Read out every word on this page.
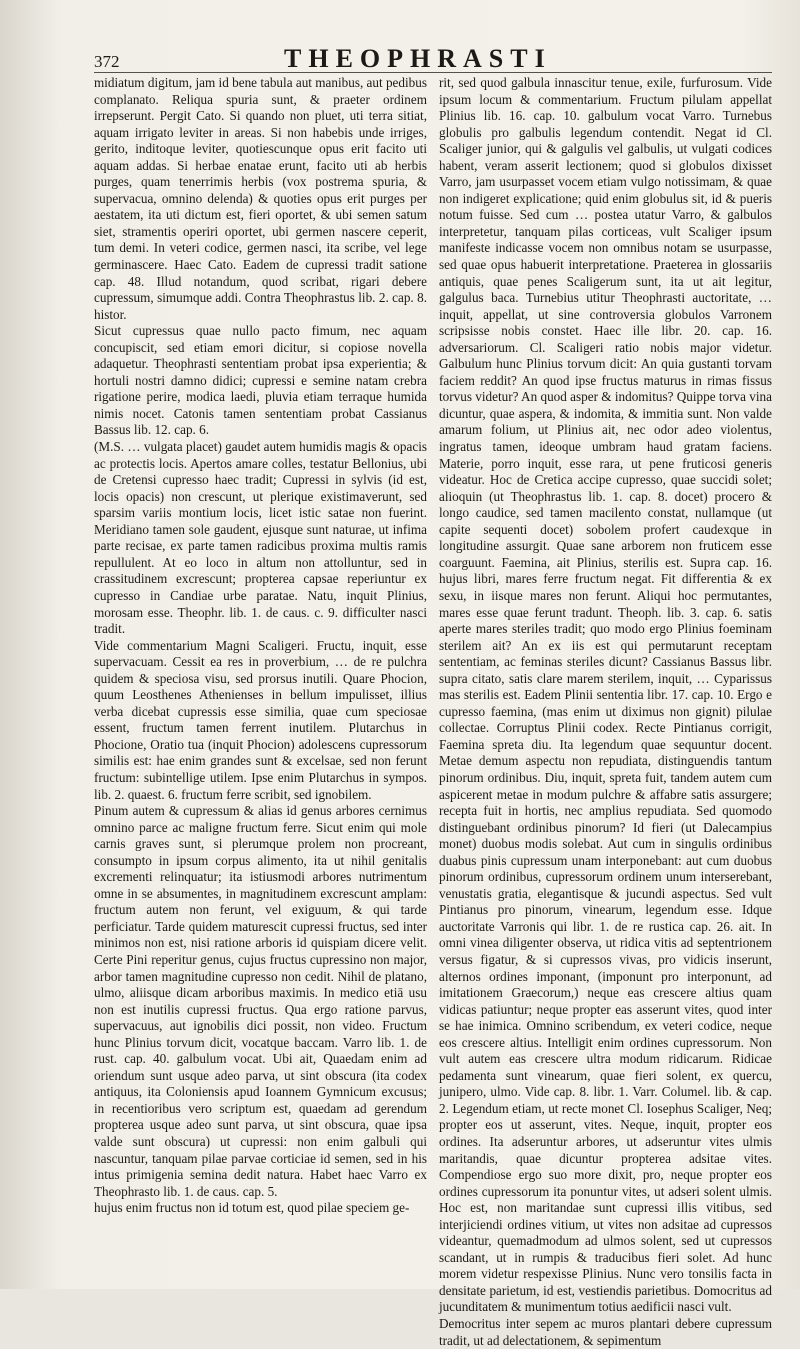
372	THEOPHRASTI

midiatum digitum, jam id bene tabula aut manibus, aut pedibus complanato. Reliqua spuria sunt, & praeter ordinem irrepserunt. Pergit Cato. Si quando non pluet, uti terra sitiat, aquam irrigato leviter in areas. Si non habebis unde irriges, gerito, inditoque leviter, quotiescunque opus erit facito uti aquam addas. Si herbae enatae erunt, facito uti ab herbis purges, quam tenerrimis herbis (vox postrema spuria, & supervacua, omnino delenda) & quoties opus erit purges per aestatem, ita uti dictum est, fieri oportet, & ubi semen satum siet, stramentis operiri oportet, ubi germen nascere ceperit, tum demi. In veteri codice, germen nasci, ita scribe, vel lege germinascere. Haec Cato. Eadem de cupressi tradit satione cap. 48. Illud notandum, quod scribat, rigari debere cupressum, simumque addi. Contra Theophrastus lib. 2. cap. 8. histor.

Sicut cupressus quae nullo pacto fimum, nec aquam concupiscit, sed etiam emori dicitur, si copiose novella adaquetur. Theophrasti sententiam probat ipsa experientia; & hortuli nostri damno didici; cupressi e semine natam crebra rigatione perire, modica laedi, pluvia etiam terraque humida nimis nocet. Catonis tamen sententiam probat Cassianus Bassus lib. 12. cap. 6.

(M.S. … vulgata placet) gaudet autem humidis magis & opacis ac protectis locis. Apertos amare colles, testatur Bellonius, ubi de Cretensi cupresso haec tradit; Cupressi in sylvis (id est, locis opacis) non crescunt, ut plerique existimaverunt, sed sparsim variis montium locis, licet istic satae non fuerint. Meridiano tamen sole gaudent, ejusque sunt naturae, ut infima parte recisae, ex parte tamen radicibus proxima multis ramis repullulent. At eo loco in altum non attolluntur, sed in crassitudinem excrescunt; propterea capsae reperiuntur ex cupresso in Candiae urbe paratae. Natu, inquit Plinius, morosam esse. Theophr. lib. 1. de caus. c. 9. difficulter nasci tradit.

Vide commentarium Magni Scaligeri. Fructu, inquit, esse supervacuam. Cessit ea res in proverbium, … de re pulchra quidem & speciosa visu, sed prorsus inutili. Quare Phocion, quum Leosthenes Athenienses in bellum impulisset, illius verba dicebat cupressis esse similia, quae cum speciosae essent, fructum tamen ferrent inutilem. Plutarchus in Phocione, Oratio tua (inquit Phocion) adolescens cupressorum similis est: hae enim grandes sunt & excelsae, sed non ferunt fructum: subintellige utilem. Ipse enim Plutarchus in sympos. lib. 2. quaest. 6. fructum ferre scribit, sed ignobilem.

Pinum autem & cupressum & alias id genus arbores cernimus omnino parce ac maligne fructum ferre. Sicut enim qui mole carnis graves sunt, si plerumque prolem non procreant, consumpto in ipsum corpus alimento, ita ut nihil genitalis excrementi relinquatur; ita istiusmodi arbores nutrimentum omne in se absumentes, in magnitudinem excrescunt amplam: fructum autem non ferunt, vel exiguum, & qui tarde perficiatur. Tarde quidem maturescit cupressi fructus, sed inter minimos non est, nisi ratione arboris id quispiam dicere velit. Certe Pini reperitur genus, cujus fructus cupressino non major, arbor tamen magnitudine cupresso non cedit. Nihil de platano, ulmo, aliisque dicam arboribus maximis. In medico etiā usu non est inutilis cupressi fructus. Qua ergo ratione parvus, supervacuus, aut ignobilis dici possit, non video. Fructum hunc Plinius torvum dicit, vocatque baccam. Varro lib. 1. de rust. cap. 40. galbulum vocat. Ubi ait, Quaedam enim ad oriendum sunt usque adeo parva, ut sint obscura (ita codex antiquus, ita Coloniensis apud Ioannem Gymnicum excusus; in recentioribus vero scriptum est, quaedam ad gerendum propterea usque adeo sunt parva, ut sint obscura, quae ipsa valde sunt obscura) ut cupressi: non enim galbuli qui nascuntur, tanquam pilae parvae corticiae id semen, sed in his intus primigenia semina dedit natura. Habet haec Varro ex Theophrasto lib. 1. de caus. cap. 5.

hujus enim fructus non id totum est, quod pilae speciem ge-

rit, sed quod galbula innascitur tenue, exile, furfurosum. Vide ipsum locum & commentarium. Fructum pilulam appellat Plinius lib. 16. cap. 10. galbulum vocat Varro. Turnebus globulis pro galbulis legendum contendit. Negat id Cl. Scaliger junior, qui & galgulis vel galbulis, ut vulgati codices habent, veram asserit lectionem; quod si globulos dixisset Varro, jam usurpasset vocem etiam vulgo notissimam, & quae non indigeret explicatione; quid enim globulus sit, id & pueris notum fuisse. Sed cum … postea utatur Varro, & galbulos interpretetur, tanquam pilas corticeas, vult Scaliger ipsum manifeste indicasse vocem non omnibus notam se usurpasse, sed quae opus habuerit interpretatione. Praeterea in glossariis antiquis, quae penes Scaligerum sunt, ita ut ait legitur, galgulus baca. Turnebius utitur Theophrasti auctoritate, … inquit, appellat, ut sine controversia globulos Varronem scripsisse nobis constet. Haec ille libr. 20. cap. 16. adversariorum. Cl. Scaligeri ratio nobis major videtur. Galbulum hunc Plinius torvum dicit: An quia gustanti torvam faciem reddit? An quod ipse fructus maturus in rimas fissus torvus videtur? An quod asper & indomitus? Quippe torva vina dicuntur, quae aspera, & indomita, & immitia sunt. Non valde amarum folium, ut Plinius ait, nec odor adeo violentus, ingratus tamen, ideoque umbram haud gratam faciens. Materie, porro inquit, esse rara, ut pene fruticosi generis videatur. Hoc de Cretica accipe cupresso, quae succidi solet; alioquin (ut Theophrastus lib. 1. cap. 8. docet) procero & longo caudice, sed tamen macilento constat, nullamque (ut capite sequenti docet) sobolem profert caudexque in longitudine assurgit. Quae sane arborem non fruticem esse coarguunt. Faemina, ait Plinius, sterilis est. Supra cap. 16. hujus libri, mares ferre fructum negat. Fit differentia & ex sexu, in iisque mares non ferunt. Aliqui hoc permutantes, mares esse quae ferunt tradunt. Theoph. lib. 3. cap. 6. satis aperte mares steriles tradit; quo modo ergo Plinius foeminam sterilem ait? An ex iis est qui permutarunt receptam sententiam, ac feminas steriles dicunt? Cassianus Bassus libr. supra citato, satis clare marem sterilem, inquit, … Cyparissus mas sterilis est. Eadem Plinii sententia libr. 17. cap. 10. Ergo e cupresso faemina, (mas enim ut diximus non gignit) pilulae collectae. Corruptus Plinii codex. Recte Pintianus corrigit, Faemina spreta diu. Ita legendum quae sequuntur docent. Metae demum aspectu non repudiata, distinguendis tantum pinorum ordinibus. Diu, inquit, spreta fuit, tandem autem cum aspicerent metae in modum pulchre & affabre satis assurgere; recepta fuit in hortis, nec amplius repudiata. Sed quomodo distinguebant ordinibus pinorum? Id fieri (ut Dalecampius monet) duobus modis solebat. Aut cum in singulis ordinibus duabus pinis cupressum unam interponebant: aut cum duobus pinorum ordinibus, cupressorum ordinem unum interserebant, venustatis gratia, elegantisque & jucundi aspectus. Sed vult Pintianus pro pinorum, vinearum, legendum esse. Idque auctoritate Varronis qui libr. 1. de re rustica cap. 26. ait. In omni vinea diligenter observa, ut ridica vitis ad septentrionem versus figatur, & si cupressos vivas, pro vidicis inserunt, alternos ordines imponant, (imponunt pro interponunt, ad imitationem Graecorum,) neque eas crescere altius quam vidicas patiuntur; neque propter eas asserunt vites, quod inter se hae inimica. Omnino scribendum, ex veteri codice, neque eos crescere altius. Intelligit enim ordines cupressorum. Non vult autem eas crescere ultra modum ridicarum. Ridicae pedamenta sunt vinearum, quae fieri solent, ex quercu, junipero, ulmo. Vide cap. 8. libr. 1. Varr. Columel. lib. & cap. 2. Legendum etiam, ut recte monet Cl. Iosephus Scaliger, Neq; propter eos ut asserunt, vites. Neque, inquit, propter eos ordines. Ita adseruntur arbores, ut adseruntur vites ulmis maritandis, quae dicuntur propterea adsitae vites. Compendiose ergo suo more dixit, pro, neque propter eos ordines cupressorum ita ponuntur vites, ut adseri solent ulmis. Hoc est, non maritandae sunt cupressi illis vitibus, sed interjiciendi ordines vitium, ut vites non adsitae ad cupressos videantur, quemadmodum ad ulmos solent, sed ut cupressos scandant, ut in rumpis & traducibus fieri solet. Ad hunc morem videtur respexisse Plinius. Nunc vero tonsilis facta in densitate parietum, id est, vestiendis parietibus. Domocritus ad jucunditatem & munimentum totius aedificii nasci vult.

Democritus inter sepem ac muros plantari debere cupressum tradit, ut ad delectationem, & sepimentum
